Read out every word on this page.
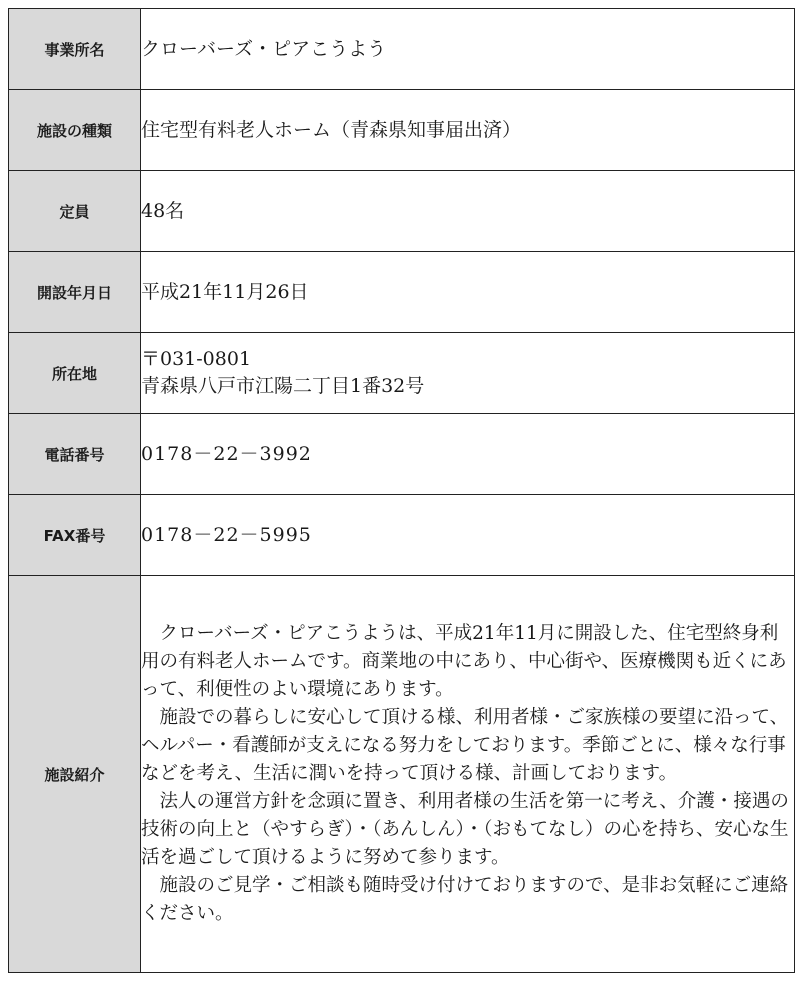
事業所名	クローバーズ・ピアこうよう
施設の種類	住宅型有料老人ホーム（青森県知事届出済）
定員	48名
開設年月日	平成21年11月26日
所在地	〒031-0801
青森県八戸市江陽二丁目1番32号

電話番号	0178－22－3992
FAX番号	0178－22－5995
施設紹介	クローバーズ・ピアこうようは、平成21年11月に開設した、住宅型終身利用の有料老人ホームです。商業地の中にあり、中心街や、医療機関も近くにあって、利便性のよい環境にあります。

施設での暮らしに安心して頂ける様、利用者様・ご家族様の要望に沿って、ヘルパー・看護師が支えになる努力をしております。季節ごとに、様々な行事などを考え、生活に潤いを持って頂ける様、計画しております。

法人の運営方針を念頭に置き、利用者様の生活を第一に考え、介護・接遇の技術の向上と（やすらぎ）・（あんしん）・（おもてなし）の心を持ち、安心な生活を過ごして頂けるように努めて参ります。

施設のご見学・ご相談も随時受け付けておりますので、是非お気軽にご連絡ください。
